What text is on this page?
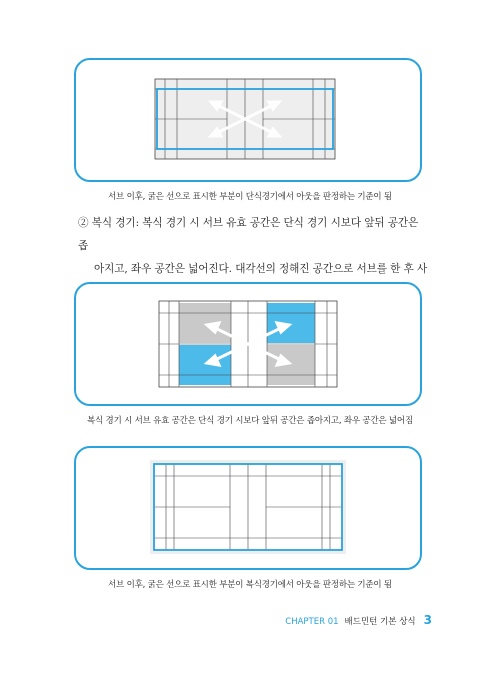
서브 이후, 굵은 선으로 표시한 부분이 단식경기에서 아웃을 판정하는 기준이 됨
② 복식 경기: 복식 경기 시 서브 유효 공간은 단식 경기 시보다 앞뒤 공간은 좁
아지고, 좌우 공간은 넓어진다. 대각선의 정해진 공간으로 서브를 한 후 사
복식 경기 시 서브 유효 공간은 단식 경기 시보다 앞뒤 공간은 좁아지고, 좌우 공간은 넓어짐
서브 이후, 굵은 선으로 표시한 부분이 복식경기에서 아웃을 판정하는 기준이 됨
CHAPTER 01 배드민턴 기본 상식 3
